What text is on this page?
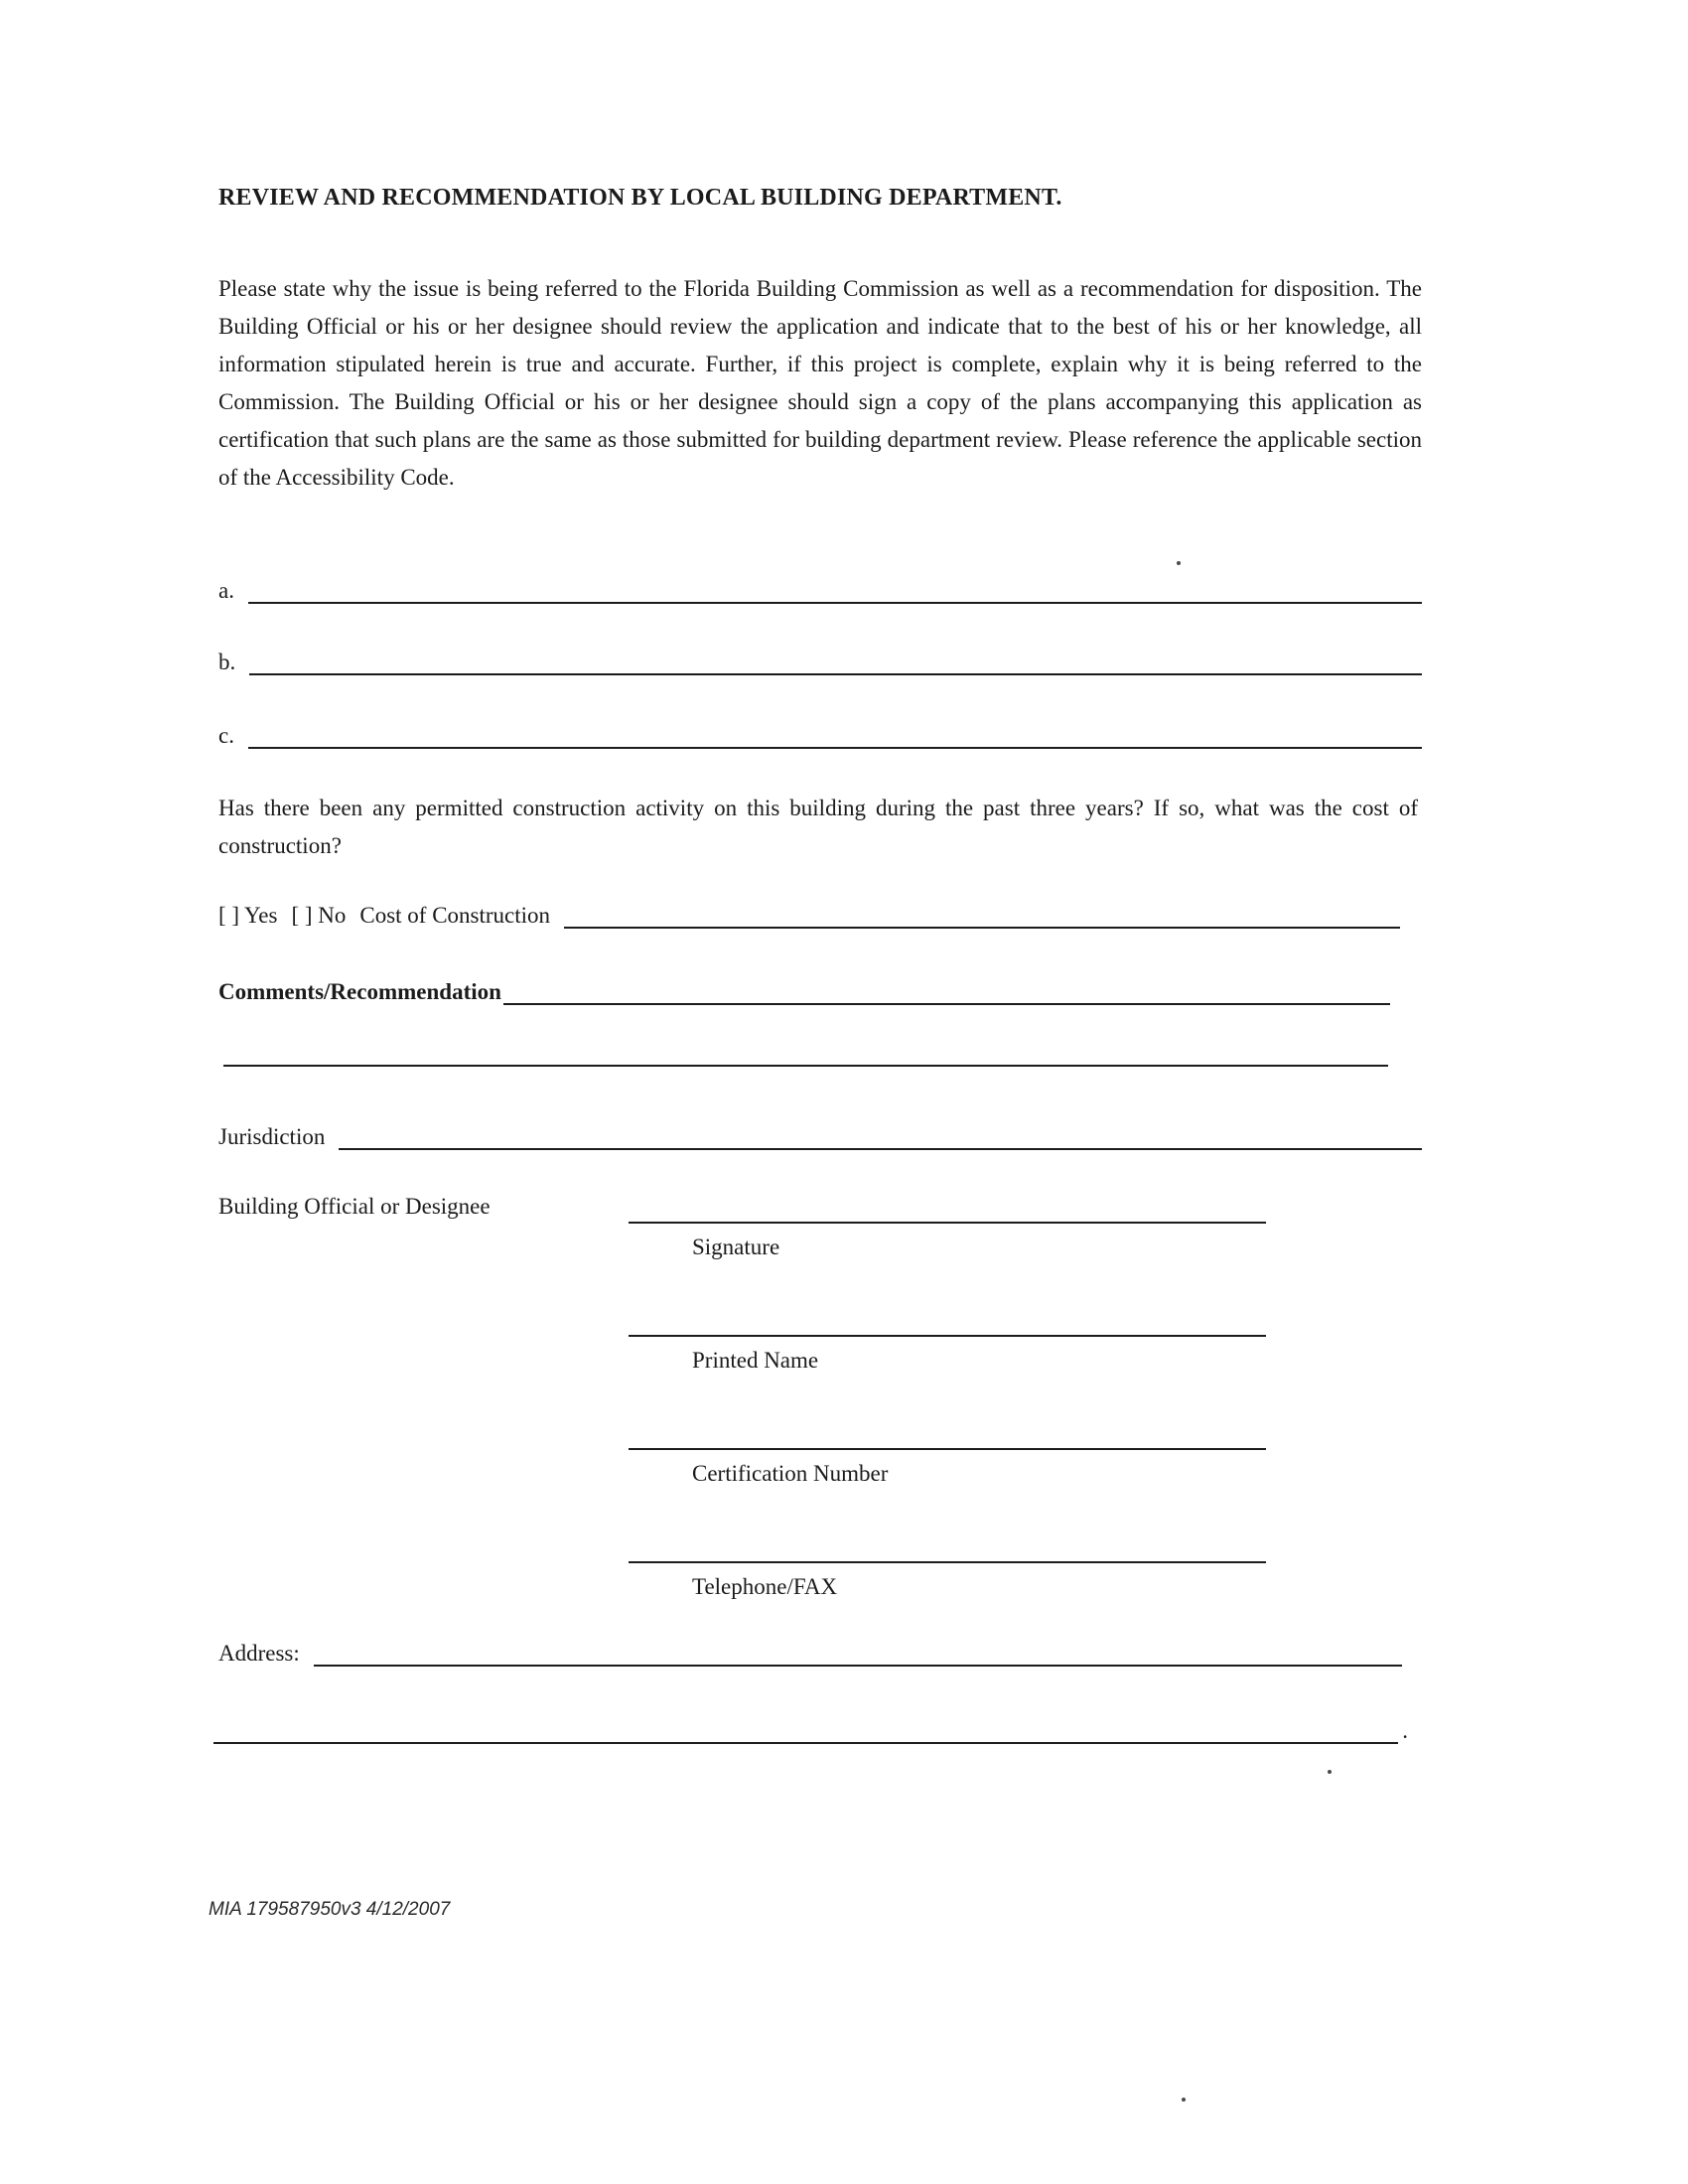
REVIEW AND RECOMMENDATION BY LOCAL BUILDING DEPARTMENT.

Please state why the issue is being referred to the Florida Building Commission as well as a recommendation for disposition. The Building Official or his or her designee should review the application and indicate that to the best of his or her knowledge, all information stipulated herein is true and accurate. Further, if this project is complete, explain why it is being referred to the Commission. The Building Official or his or her designee should sign a copy of the plans accompanying this application as certification that such plans are the same as those submitted for building department review. Please reference the applicable section of the Accessibility Code.

a.
b.
c.

Has there been any permitted construction activity on this building during the past three years? If so, what was the cost of construction?

[ ] Yes [ ] No Cost of Construction
Comments/Recommendation
Jurisdiction
Building Official or Designee
Signature
Printed Name
Certification Number
Telephone/FAX
Address:
.
MIA 179587950v3 4/12/2007
